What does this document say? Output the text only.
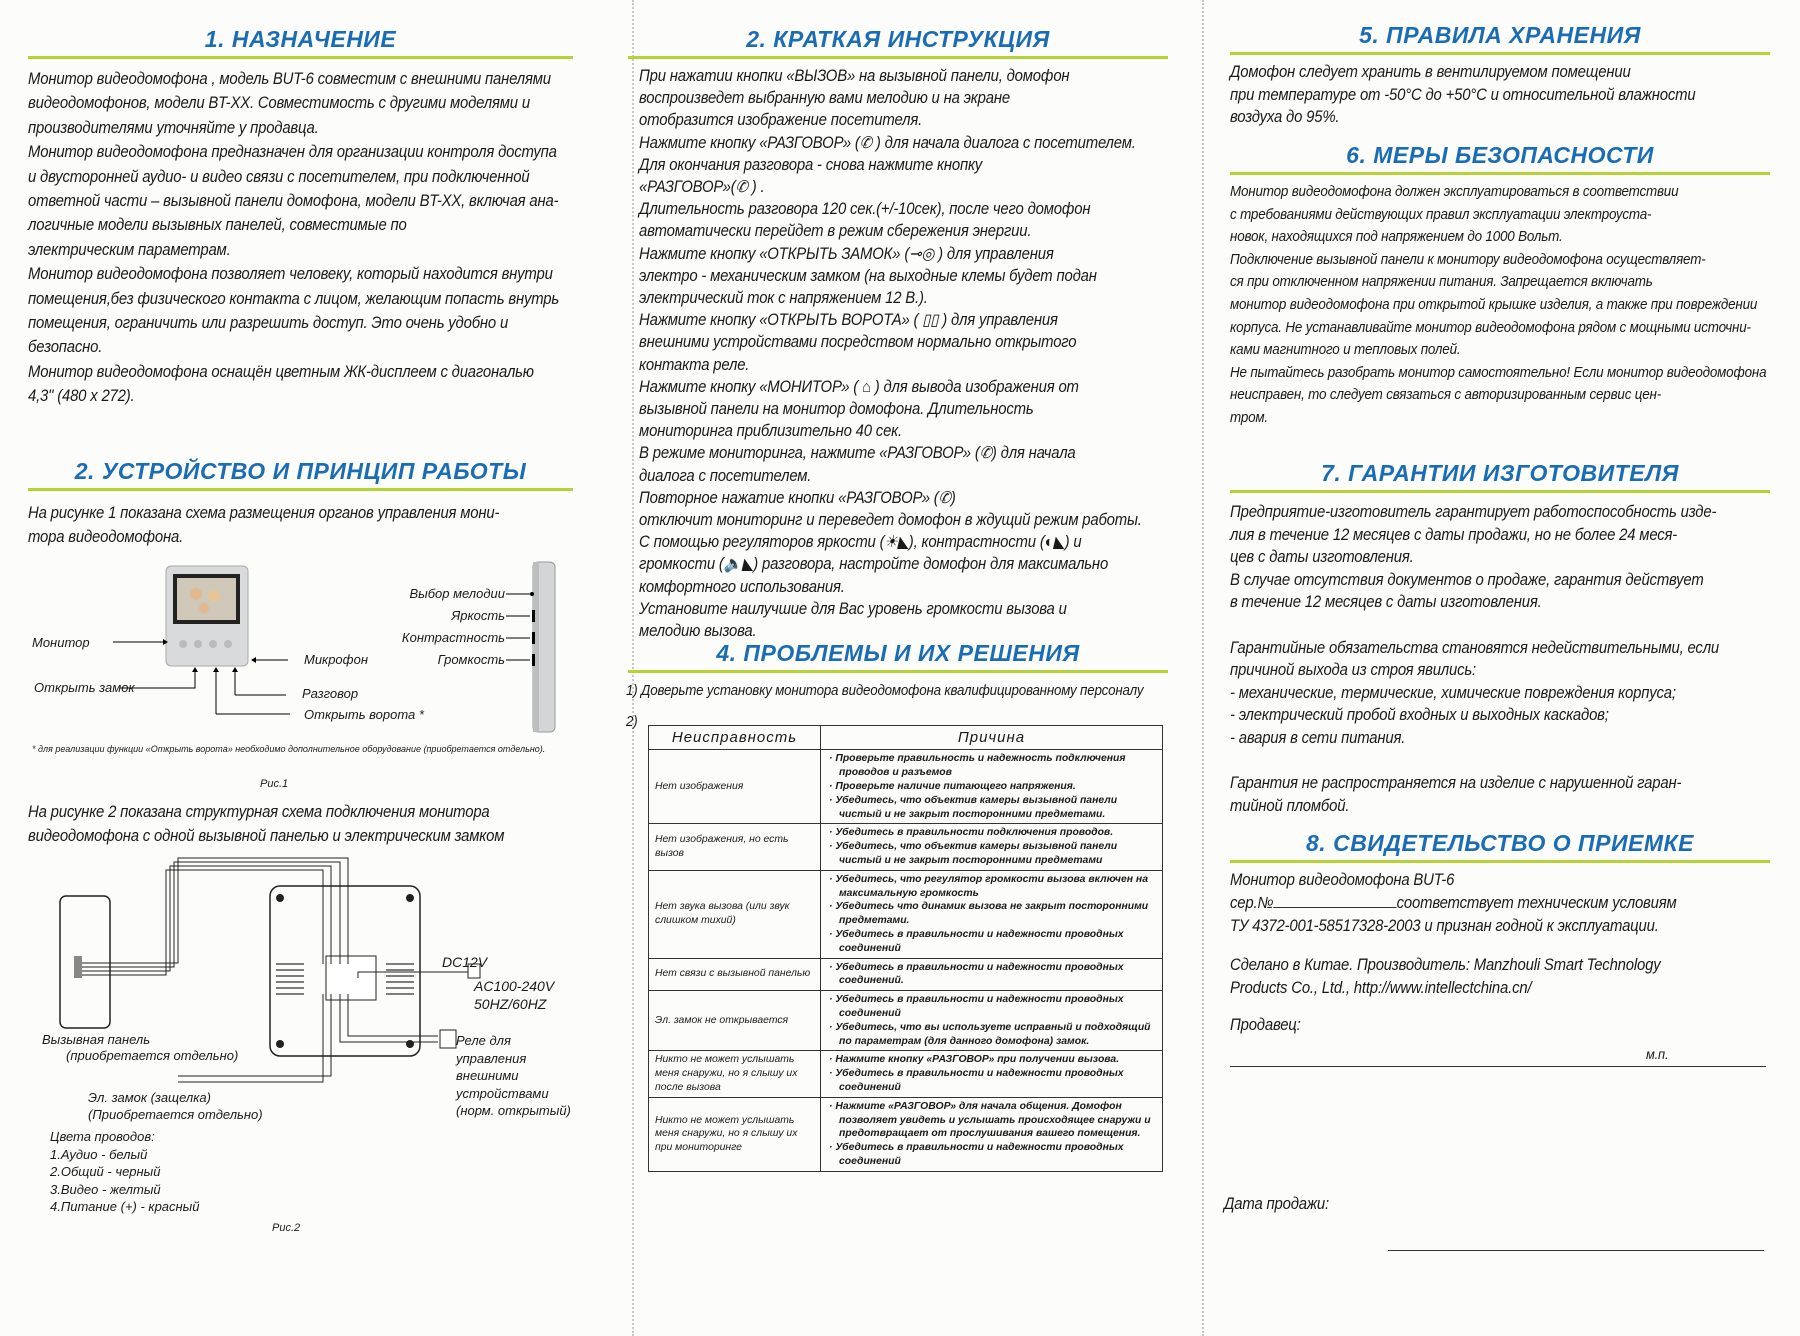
1. НАЗНАЧЕНИЕ
Монитор видеодомофона , модель BUT-6 совместим с внешними панелями
видеодомофонов, модели BT-XX. Совместимость с другими моделями и
производителями уточняйте у продавца.
Монитор видеодомофона предназначен для организации контроля доступа
и двусторонней аудио- и видео связи с посетителем, при подключенной
ответной части – вызывной панели домофона, модели BT-XX, включая ана-
логичные модели вызывных панелей, совместимые по
электрическим параметрам.
Монитор видеодомофона позволяет человеку, который находится внутри
помещения,без физического контакта с лицом, желающим попасть внутрь
помещения, ограничить или разрешить доступ. Это очень удобно и
безопасно.
Монитор видеодомофона оснащён цветным ЖК-дисплеем с диагональю
4,3" (480 x 272).
2. УСТРОЙСТВО И ПРИНЦИП РАБОТЫ
На рисунке 1 показана схема размещения органов управления мони-
тора видеодомофона.
Монитор
Открыть замок
Микрофон
Разговор
Открыть ворота *
Выбор мелодии
Яркость
Контрастность
Громкость
* для реализации функции «Открыть ворота» необходимо дополнительное оборудование (приобретается отдельно).
Рис.1
На рисунке 2 показана структурная схема подключения монитора
видеодомофона с одной вызывной панелью и электрическим замком
Вызывная панель
(приобретается отдельно)
Эл. замок (защелка)
(Приобретается отдельно)
DC12V
AC100-240V
50HZ/60HZ
Реле для
управления
внешними
устройствами
(норм. открытый)
Цвета проводов:
1.Аудио - белый
2.Общий - черный
3.Видео - желтый
4.Питание (+) - красный
Рис.2
2. КРАТКАЯ ИНСТРУКЦИЯ
При нажатии кнопки «ВЫЗОВ» на вызывной панели, домофон
воспроизведет выбранную вами мелодию и на экране
отобразится изображение посетителя.
Нажмите кнопку «РАЗГОВОР» (✆ ) для начала диалога с посетителем.
Для окончания разговора - снова нажмите кнопку
«РАЗГОВОР»(✆ ) .
Длительность разговора 120 сек.(+/-10сек), после чего домофон
автоматически перейдет в режим сбережения энергии.
Нажмите кнопку «ОТКРЫТЬ ЗАМОК» (⊸◎ ) для управления
электро - механическим замком (на выходные клемы будет подан
электрический ток с напряжением 12 В.).
Нажмите кнопку «ОТКРЫТЬ ВОРОТА» ( ▯▯ ) для управления
внешними устройствами посредством нормально открытого
контакта реле.
Нажмите кнопку «МОНИТОР» ( ⌂ ) для вывода изображения от
вызывной панели на монитор домофона. Длительность
мониторинга приблизительно 40 сек.
В режиме мониторинга, нажмите «РАЗГОВОР» (✆) для начала
диалога с посетителем.
Повторное нажатие кнопки «РАЗГОВОР» (✆)
отключит мониторинг и переведет домофон в ждущий режим работы.
С помощью регуляторов яркости (☀◣), контрастности (◐◣) и
громкости (🔈◣) разговора, настройте домофон для максимально
комфортного использования.
Установите наилучшие для Вас уровень громкости вызова и
мелодию вызова.
4. ПРОБЛЕМЫ И ИХ РЕШЕНИЯ
1) Доверьте установку монитора видеодомофона квалифицированному персоналу
2)
Неисправность	Причина
Нет изображения	· Проверьте правильность и надежность подключения проводов и разъемов
· Проверьте наличие питающего напряжения.
· Убедитесь, что объектив камеры вызывной панели чистый и не закрыт посторонними предметами.

Нет изображения, но есть вызов	· Убедитесь в правильности подключения проводов.
· Убедитесь, что объектив камеры вызывной панели чистый и не закрыт посторонними предметами

Нет звука вызова (или звук слишком тихий)	· Убедитесь, что регулятор громкости вызова включен на максимальную громкость
· Убедитесь что динамик вызова не закрыт посторонними предметами.
· Убедитесь в правильности и надежности проводных соединений

Нет связи с вызывной панелью	· Убедитесь в правильности и надежности проводных соединений.

Эл. замок не открывается	· Убедитесь в правильности и надежности проводных соединений
· Убедитесь, что вы используете исправный и подходящий по параметрам (для данного домофона) замок.

Никто не может услышать меня снаружи, но я слышу их после вызова	· Нажмите кнопку «РАЗГОВОР» при получении вызова.
· Убедитесь в правильности и надежности проводных соединений

Никто не может услышать меня снаружи, но я слышу их при мониторинге	· Нажмите «РАЗГОВОР» для начала общения. Домофон позволяет увидеть и услышать происходящее снаружи и предотвращает от прослушивания вашего помещения.
· Убедитесь в правильности и надежности проводных соединений
5. ПРАВИЛА ХРАНЕНИЯ
Домофон следует хранить в вентилируемом помещении
при температуре от -50°C до +50°C и относительной влажности
воздуха до 95%.
6. МЕРЫ БЕЗОПАСНОСТИ
Монитор видеодомофона должен эксплуатироваться в соответствии
с требованиями действующих правил эксплуатации электроуста-
новок, находящихся под напряжением до 1000 Вольт.
Подключение вызывной панели к монитору видеодомофона осуществляет-
ся при отключенном напряжении питания. Запрещается включать
монитор видеодомофона при открытой крышке изделия, а также при повреждении
корпуса. Не устанавливайте монитор видеодомофона рядом с мощными источни-
ками магнитного и тепловых полей.
Не пытайтесь разобрать монитор самостоятельно! Если монитор видеодомофона
неисправен, то следует связаться с авторизированным сервис цен-
тром.
7. ГАРАНТИИ ИЗГОТОВИТЕЛЯ
Предприятие-изготовитель гарантирует работоспособность изде-
лия в течение 12 месяцев с даты продажи, но не более 24 меся-
цев с даты изготовления.
В случае отсутствия документов о продаже, гарантия действует
в течение 12 месяцев с даты изготовления.
Гарантийные обязательства становятся недействительными, если
причиной выхода из строя явились:
- механические, термические, химические повреждения корпуса;
- электрический пробой входных и выходных каскадов;
- авария в сети питания.
Гарантия не распространяется на изделие с нарушенной гаран-
тийной пломбой.
8. СВИДЕТЕЛЬСТВО О ПРИЕМКЕ
Монитор видеодомофона BUT-6
сер.№	соответствует техническим условиям
ТУ 4372-001-58517328-2003 и признан годной к эксплуатации.
Сделано в Китае. Производитель: Manzhouli Smart Technology
Products Co., Ltd., http://www.intellectchina.cn/
Продавец:
м.п.
Дата продажи:
